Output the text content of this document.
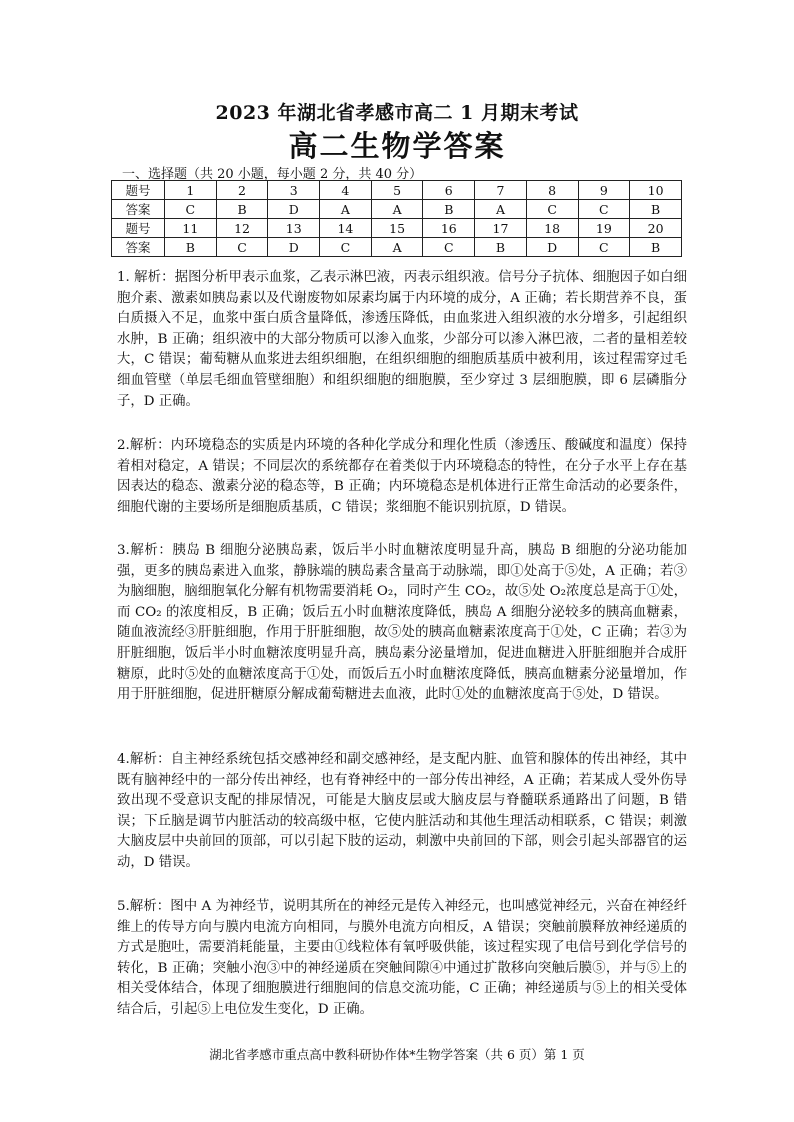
2023 年湖北省孝感市高二 1 月期末考试
高二生物学答案
一、选择题（共 20 小题，每小题 2 分，共 40 分）
题号	1	2	3	4	5	6	7	8	9	10
答案	C	B	D	A	A	B	A	C	C	B
题号	11	12	13	14	15	16	17	18	19	20
答案	B	C	D	C	A	C	B	D	C	B
1. 解析：据图分析甲表示血浆，乙表示淋巴液，丙表示组织液。信号分子抗体、细胞因子如白细胞介素、激素如胰岛素以及代谢废物如尿素均属于内环境的成分，A 正确；若长期营养不良，蛋白质摄入不足，血浆中蛋白质含量降低，渗透压降低，由血浆进入组织液的水分增多，引起组织水肿，B 正确；组织液中的大部分物质可以渗入血浆，少部分可以渗入淋巴液，二者的量相差较大，C 错误；葡萄糖从血浆进去组织细胞，在组织细胞的细胞质基质中被利用，该过程需穿过毛细血管壁（单层毛细血管壁细胞）和组织细胞的细胞膜，至少穿过 3 层细胞膜，即 6 层磷脂分子，D 正确。
2.解析：内环境稳态的实质是内环境的各种化学成分和理化性质（渗透压、酸碱度和温度）保持着相对稳定，A 错误；不同层次的系统都存在着类似于内环境稳态的特性，在分子水平上存在基因表达的稳态、激素分泌的稳态等，B 正确；内环境稳态是机体进行正常生命活动的必要条件，细胞代谢的主要场所是细胞质基质，C 错误；浆细胞不能识别抗原，D 错误。
3.解析：胰岛 B 细胞分泌胰岛素，饭后半小时血糖浓度明显升高，胰岛 B 细胞的分泌功能加强，更多的胰岛素进入血浆，静脉端的胰岛素含量高于动脉端，即①处高于⑤处，A 正确；若③为脑细胞，脑细胞氧化分解有机物需要消耗 O₂，同时产生 CO₂，故⑤处 O₂浓度总是高于①处，而 CO₂ 的浓度相反，B 正确；饭后五小时血糖浓度降低，胰岛 A 细胞分泌较多的胰高血糖素，随血液流经③肝脏细胞，作用于肝脏细胞，故⑤处的胰高血糖素浓度高于①处，C 正确；若③为肝脏细胞，饭后半小时血糖浓度明显升高，胰岛素分泌量增加，促进血糖进入肝脏细胞并合成肝糖原，此时⑤处的血糖浓度高于①处，而饭后五小时血糖浓度降低，胰高血糖素分泌量增加，作用于肝脏细胞，促进肝糖原分解成葡萄糖进去血液，此时①处的血糖浓度高于⑤处，D 错误。
4.解析：自主神经系统包括交感神经和副交感神经，是支配内脏、血管和腺体的传出神经，其中既有脑神经中的一部分传出神经，也有脊神经中的一部分传出神经，A 正确；若某成人受外伤导致出现不受意识支配的排尿情况，可能是大脑皮层或大脑皮层与脊髓联系通路出了问题，B 错误；下丘脑是调节内脏活动的较高级中枢，它使内脏活动和其他生理活动相联系，C 错误；刺激大脑皮层中央前回的顶部，可以引起下肢的运动，刺激中央前回的下部，则会引起头部器官的运动，D 错误。
5.解析：图中 A 为神经节，说明其所在的神经元是传入神经元，也叫感觉神经元，兴奋在神经纤维上的传导方向与膜内电流方向相同，与膜外电流方向相反，A 错误；突触前膜释放神经递质的方式是胞吐，需要消耗能量，主要由①线粒体有氧呼吸供能，该过程实现了电信号到化学信号的转化，B 正确；突触小泡③中的神经递质在突触间隙④中通过扩散移向突触后膜⑤，并与⑤上的相关受体结合，体现了细胞膜进行细胞间的信息交流功能，C 正确；神经递质与⑤上的相关受体结合后，引起⑤上电位发生变化，D 正确。
湖北省孝感市重点高中教科研协作体*生物学答案（共 6 页）第 1 页
